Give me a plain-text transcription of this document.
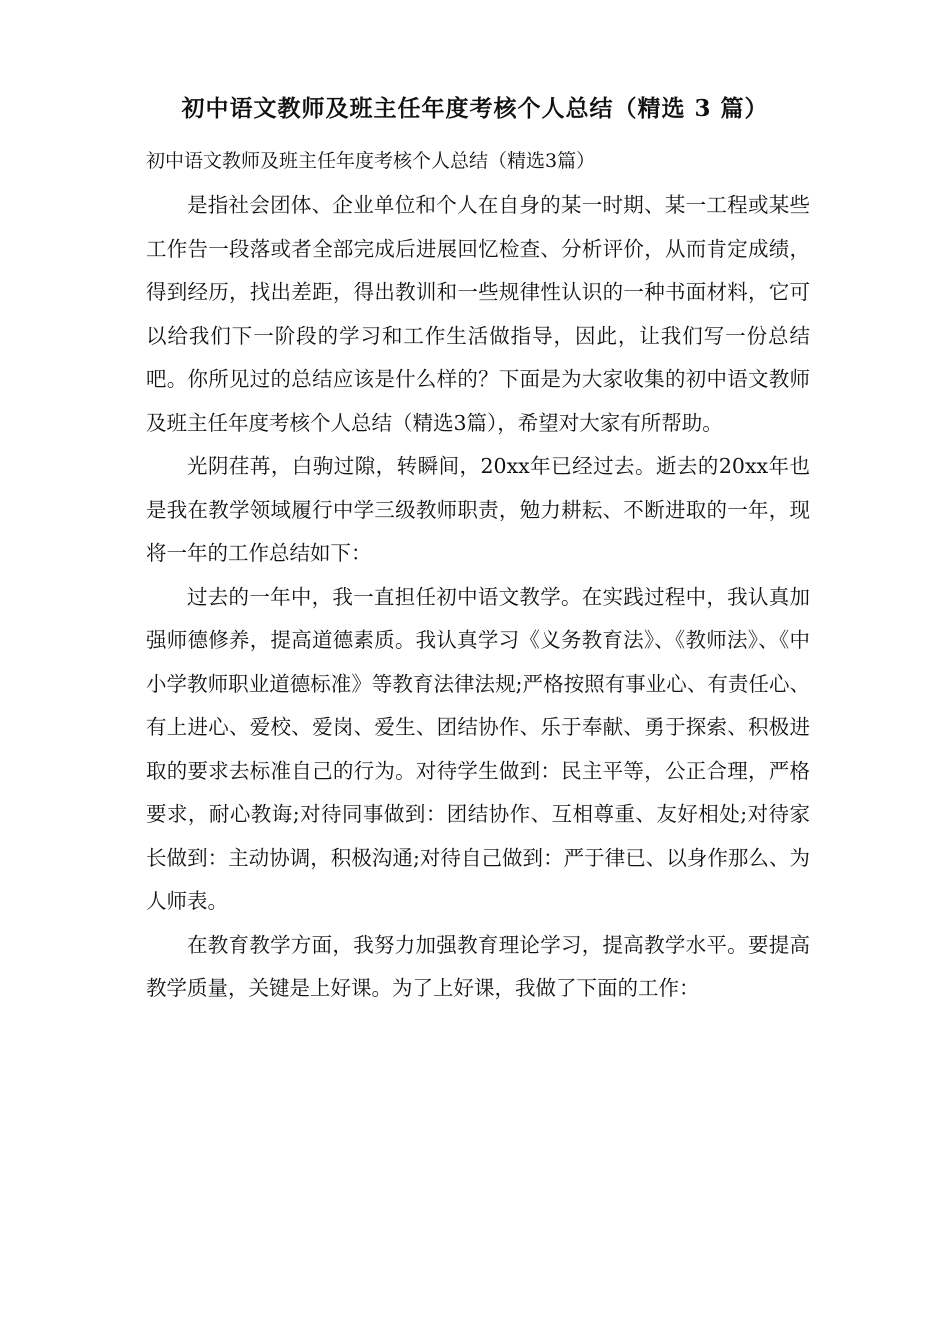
初中语文教师及班主任年度考核个人总结（精选 3 篇）

初中语文教师及班主任年度考核个人总结（精选3篇）

是指社会团体、企业单位和个人在自身的某一时期、某一工程或某些工作告一段落或者全部完成后进展回忆检查、分析评价，从而肯定成绩，得到经历，找出差距，得出教训和一些规律性认识的一种书面材料，它可以给我们下一阶段的学习和工作生活做指导，因此，让我们写一份总结吧。你所见过的总结应该是什么样的？下面是为大家收集的初中语文教师及班主任年度考核个人总结（精选3篇），希望对大家有所帮助。

光阴荏苒，白驹过隙，转瞬间，20xx年已经过去。逝去的20xx年也是我在教学领域履行中学三级教师职责，勉力耕耘、不断进取的一年，现将一年的工作总结如下：

过去的一年中，我一直担任初中语文教学。在实践过程中，我认真加强师德修养，提高道德素质。我认真学习《义务教育法》、《教师法》、《中小学教师职业道德标准》等教育法律法规;严格按照有事业心、有责任心、有上进心、爱校、爱岗、爱生、团结协作、乐于奉献、勇于探索、积极进取的要求去标准自己的行为。对待学生做到：民主平等，公正合理，严格要求，耐心教诲;对待同事做到：团结协作、互相尊重、友好相处;对待家长做到：主动协调，积极沟通;对待自己做到：严于律已、以身作那么、为人师表。

在教育教学方面，我努力加强教育理论学习，提高教学水平。要提高教学质量，关键是上好课。为了上好课，我做了下面的工作：
